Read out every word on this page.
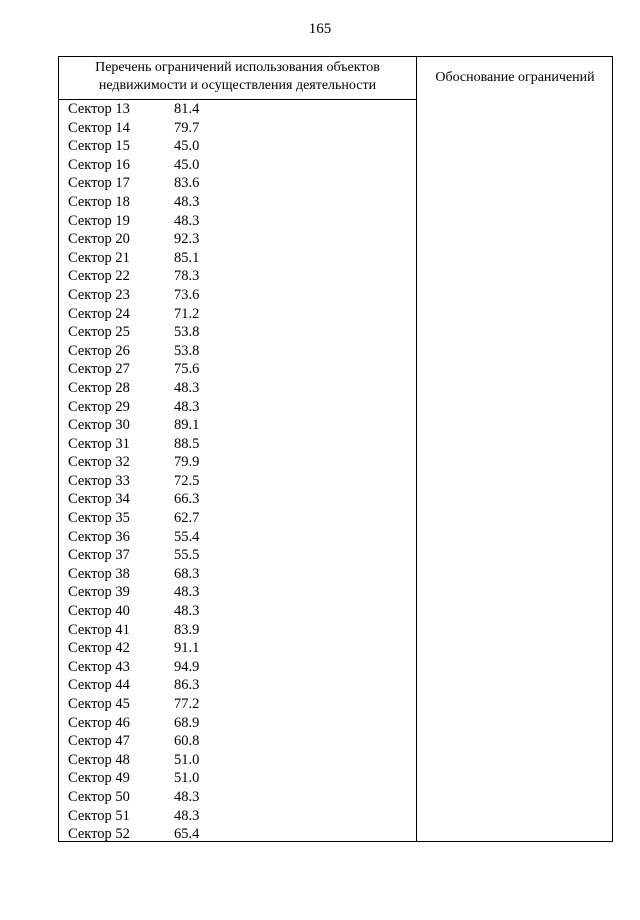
165
Перечень ограничений использования объектов
недвижимости и осуществления деятельности
Обоснование ограничений
Сектор 13	81.4
Сектор 14	79.7
Сектор 15	45.0
Сектор 16	45.0
Сектор 17	83.6
Сектор 18	48.3
Сектор 19	48.3
Сектор 20	92.3
Сектор 21	85.1
Сектор 22	78.3
Сектор 23	73.6
Сектор 24	71.2
Сектор 25	53.8
Сектор 26	53.8
Сектор 27	75.6
Сектор 28	48.3
Сектор 29	48.3
Сектор 30	89.1
Сектор 31	88.5
Сектор 32	79.9
Сектор 33	72.5
Сектор 34	66.3
Сектор 35	62.7
Сектор 36	55.4
Сектор 37	55.5
Сектор 38	68.3
Сектор 39	48.3
Сектор 40	48.3
Сектор 41	83.9
Сектор 42	91.1
Сектор 43	94.9
Сектор 44	86.3
Сектор 45	77.2
Сектор 46	68.9
Сектор 47	60.8
Сектор 48	51.0
Сектор 49	51.0
Сектор 50	48.3
Сектор 51	48.3
Сектор 52	65.4
